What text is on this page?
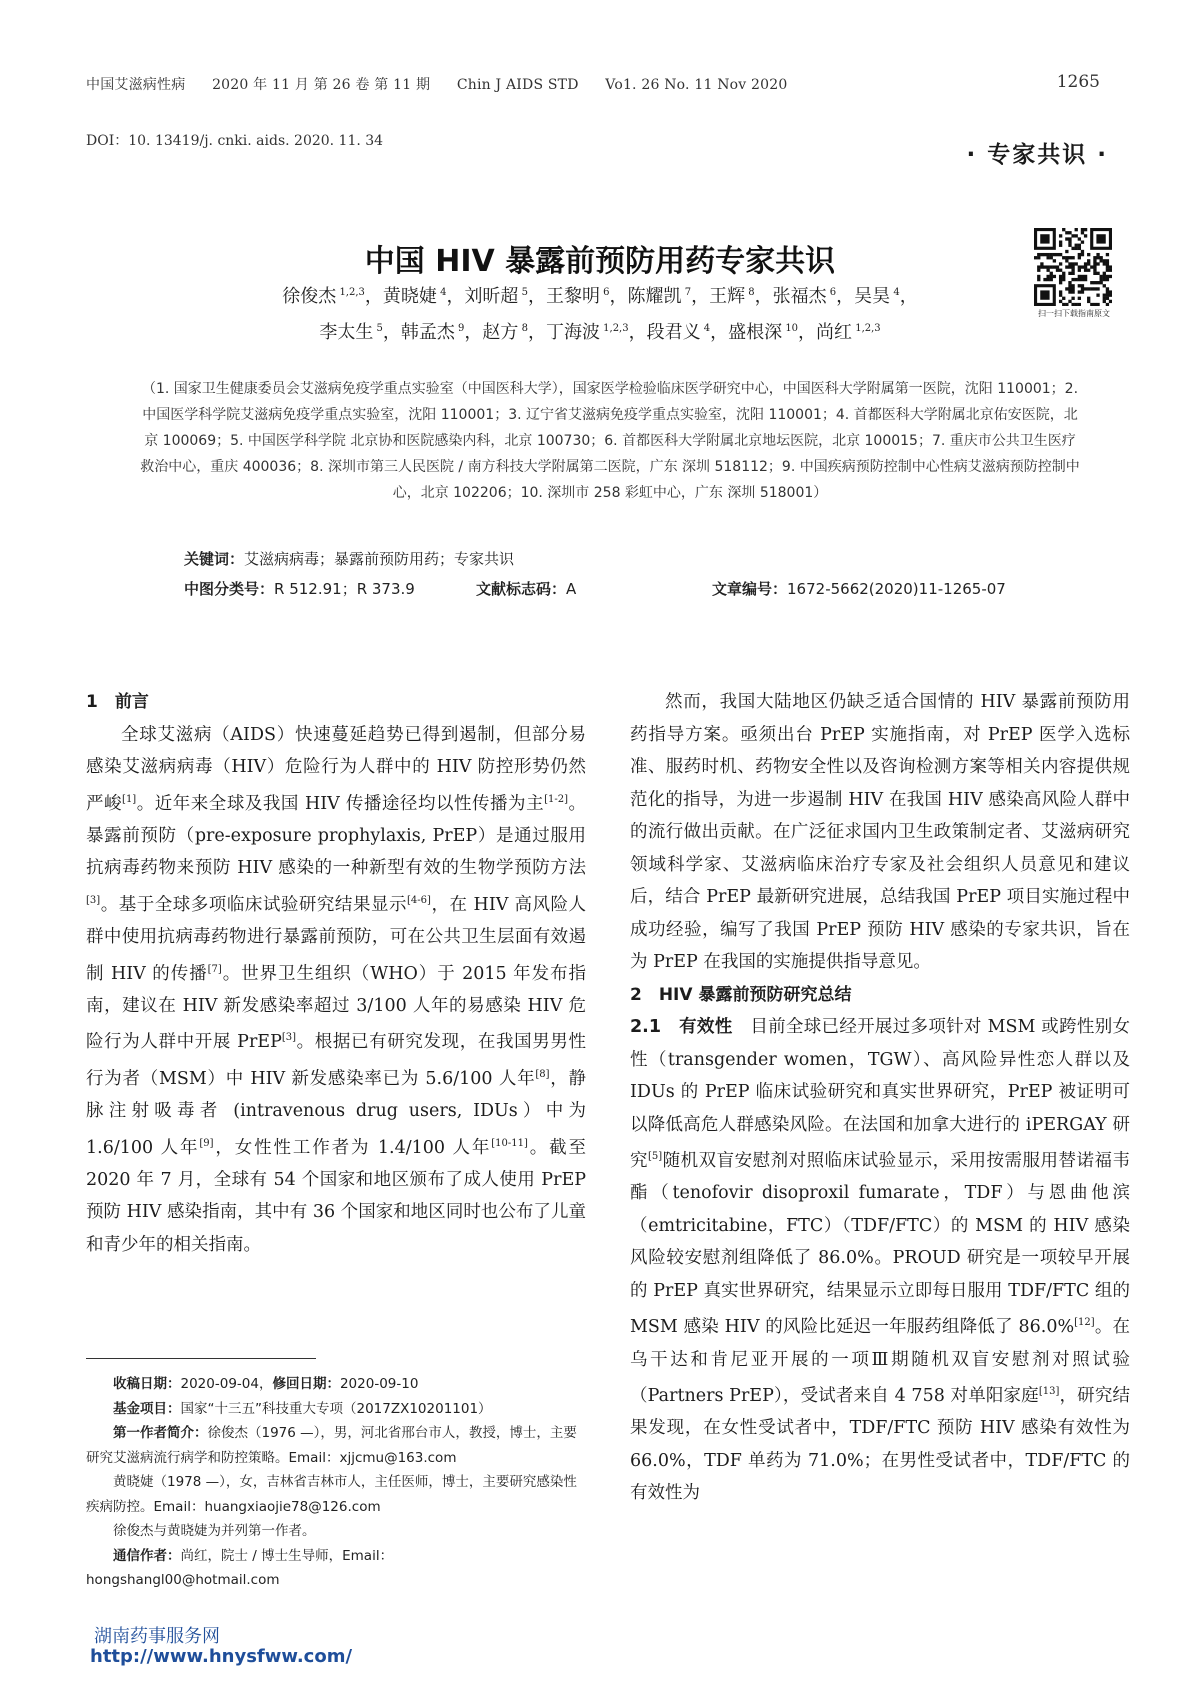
中国艾滋病性病 2020 年 11 月 第 26 卷 第 11 期 Chin J AIDS STD Vo1. 26 No. 11 Nov 2020	1265
DOI：10. 13419/j. cnki. aids. 2020. 11. 34
· 专家共识 ·
中国 HIV 暴露前预防用药专家共识
扫一扫下载指南原文
徐俊杰 $^{1,2,3}$，黄晓婕 $^4$，刘昕超 $^5$，王黎明 $^6$，陈耀凯 $^7$，王辉 $^8$，张福杰 $^6$，吴昊 $^4$，
李太生 $^5$，韩孟杰 $^9$，赵方 $^8$，丁海波 $^{1,2,3}$，段君义 $^4$，盛根深 $^{10}$，尚红 $^{1,2,3}$
（1. 国家卫生健康委员会艾滋病免疫学重点实验室（中国医科大学），国家医学检验临床医学研究中心，中国医科大学附属第一医院，沈阳 110001；2. 中国医学科学院艾滋病免疫学重点实验室，沈阳 110001；3. 辽宁省艾滋病免疫学重点实验室，沈阳 110001；4. 首都医科大学附属北京佑安医院，北京 100069；5. 中国医学科学院 北京协和医院感染内科，北京 100730；6. 首都医科大学附属北京地坛医院，北京 100015；7. 重庆市公共卫生医疗救治中心，重庆 400036；8. 深圳市第三人民医院 / 南方科技大学附属第二医院，广东 深圳 518112；9. 中国疾病预防控制中心性病艾滋病预防控制中心，北京 102206；10. 深圳市 258 彩虹中心，广东 深圳 518001）
关键词：艾滋病病毒；暴露前预防用药；专家共识
中图分类号：R 512.91；R 373.9	文献标志码：A	文章编号：1672-5662(2020)11-1265-07

1　前言

全球艾滋病（AIDS）快速蔓延趋势已得到遏制，但部分易感染艾滋病病毒（HIV）危险行为人群中的 HIV 防控形势仍然严峻[1]。近年来全球及我国 HIV 传播途径均以性传播为主[1-2]。暴露前预防（pre-exposure prophylaxis, PrEP）是通过服用抗病毒药物来预防 HIV 感染的一种新型有效的生物学预防方法[3]。基于全球多项临床试验研究结果显示[4-6]，在 HIV 高风险人群中使用抗病毒药物进行暴露前预防，可在公共卫生层面有效遏制 HIV 的传播[7]。世界卫生组织（WHO）于 2015 年发布指南，建议在 HIV 新发感染率超过 3/100 人年的易感染 HIV 危险行为人群中开展 PrEP[3]。根据已有研究发现，在我国男男性行为者（MSM）中 HIV 新发感染率已为 5.6/100 人年[8]，静脉注射吸毒者 (intravenous drug users, IDUs）中为 1.6/100 人年[9]，女性性工作者为 1.4/100 人年[10-11]。截至 2020 年 7 月，全球有 54 个国家和地区颁布了成人使用 PrEP 预防 HIV 感染指南，其中有 36 个国家和地区同时也公布了儿童和青少年的相关指南。

然而，我国大陆地区仍缺乏适合国情的 HIV 暴露前预防用药指导方案。亟须出台 PrEP 实施指南，对 PrEP 医学入选标准、服药时机、药物安全性以及咨询检测方案等相关内容提供规范化的指导，为进一步遏制 HIV 在我国 HIV 感染高风险人群中的流行做出贡献。在广泛征求国内卫生政策制定者、艾滋病研究领域科学家、艾滋病临床治疗专家及社会组织人员意见和建议后，结合 PrEP 最新研究进展，总结我国 PrEP 项目实施过程中成功经验，编写了我国 PrEP 预防 HIV 感染的专家共识，旨在为 PrEP 在我国的实施提供指导意见。

2　HIV 暴露前预防研究总结

2.1　有效性　目前全球已经开展过多项针对 MSM 或跨性别女性（transgender women，TGW）、高风险异性恋人群以及 IDUs 的 PrEP 临床试验研究和真实世界研究，PrEP 被证明可以降低高危人群感染风险。在法国和加拿大进行的 iPERGAY 研究[5]随机双盲安慰剂对照临床试验显示，采用按需服用替诺福韦酯（tenofovir disoproxil fumarate，TDF）与恩曲他滨（emtricitabine，FTC）（TDF/FTC）的 MSM 的 HIV 感染风险较安慰剂组降低了 86.0%。PROUD 研究是一项较早开展的 PrEP 真实世界研究，结果显示立即每日服用 TDF/FTC 组的 MSM 感染 HIV 的风险比延迟一年服药组降低了 86.0%[12]。在乌干达和肯尼亚开展的一项Ⅲ期随机双盲安慰剂对照试验（Partners PrEP），受试者来自 4 758 对单阳家庭[13]，研究结果发现，在女性受试者中，TDF/FTC 预防 HIV 感染有效性为 66.0%，TDF 单药为 71.0%；在男性受试者中，TDF/FTC 的有效性为

收稿日期：2020-09-04，修回日期：2020-09-10

基金项目：国家“十三五”科技重大专项（2017ZX10201101）

第一作者简介：徐俊杰（1976 —），男，河北省邢台市人，教授，博士，主要研究艾滋病流行病学和防控策略。Email：xjjcmu@163.com

黄晓婕（1978 —），女，吉林省吉林市人，主任医师，博士，主要研究感染性疾病防控。Email：huangxiaojie78@126.com

徐俊杰与黄晓婕为并列第一作者。

通信作者：尚红，院士 / 博士生导师，Email：hongshangl00@hotmail.com

湖南药事服务网
http://www.hnysfww.com/
